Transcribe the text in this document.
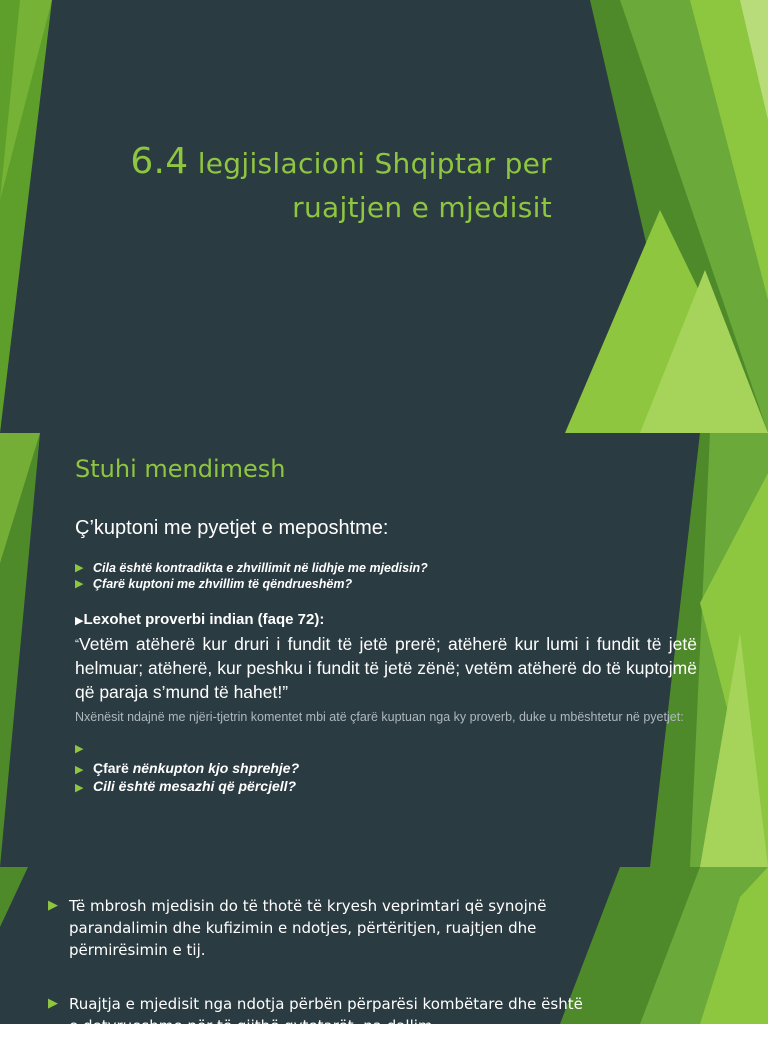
6.4 legjislacioni Shqiptar per
ruajtjen e mjedisit
Stuhi mendimesh
Ç’kuptoni me pyetjet e meposhtme:
▶ Cila është kontradikta e zhvillimit në lidhje me mjedisin?
▶ Çfarë kuptoni me zhvillim të qëndrueshëm?
▶Lexohet proverbi indian (faqe 72):
“Vetëm atëherë kur druri i fundit të jetë prerë; atëherë kur lumi i fundit të jetë helmuar; atëherë, kur peshku i fundit të jetë zënë; vetëm atëherë do të kuptojmë që paraja s’mund të hahet!”
Nxënësit ndajnë me njëri-tjetrin komentet mbi atë çfarë kuptuan nga ky proverb, duke u mbështetur në pyetjet:
▶
▶ Çfarë nënkupton kjo shprehje?
▶ Cili është mesazhi që përcjell?
▶ Të mbrosh mjedisin do të thotë të kryesh veprimtari që synojnë parandalimin dhe kufizimin e ndotjes, përtëritjen, ruajtjen dhe përmirësimin e tij.
▶ Ruajtja e mjedisit nga ndotja përbën përparësi kombëtare dhe është e detyrueshme për të gjithë qytetarët, pa dallim.
